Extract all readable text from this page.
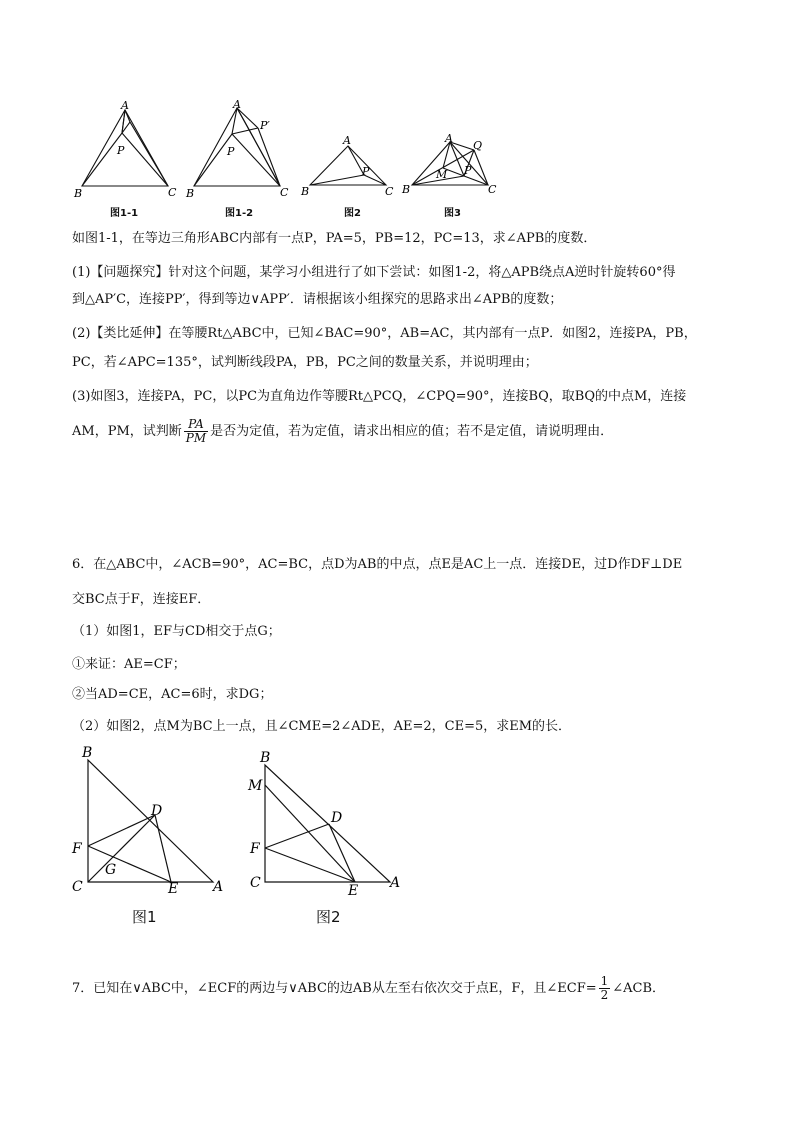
A
P
B	C
A
P′
P
B	C
A
P
B	C
A
Q
M P
B	C
图1-1	图1-2	图2	图3
如图1-1，在等边三角形ABC内部有一点P，PA=5，PB=12，PC=13，求∠APB的度数．
(1)【问题探究】针对这个问题，某学习小组进行了如下尝试：如图1-2，将△APB绕点A逆时针旋转60°得
到△AP′C，连接PP′，得到等边∨APP′．请根据该小组探究的思路求出∠APB的度数；
(2)【类比延伸】在等腰Rt△ABC中，已知∠BAC=90°，AB=AC，其内部有一点P．如图2，连接PA，PB，
PC，若∠APC=135°，试判断线段PA，PB，PC之间的数量关系，并说明理由；
(3)如图3，连接PA，PC，以PC为直角边作等腰Rt△PCQ，∠CPQ=90°，连接BQ，取BQ的中点M，连接
AM，PM，试判断 $\frac{PA}{PM}$ 是否为定值，若为定值，请求出相应的值；若不是定值，请说明理由．
6．在△ABC中，∠ACB=90°，AC=BC，点D为AB的中点，点E是AC上一点．连接DE，过D作DF⊥DE
交BC点于F，连接EF．
（1）如图1，EF与CD相交于点G；
①来证：AE=CF；
②当AD=CE，AC=6时，求DG；
（2）如图2，点M为BC上一点，且∠CME=2∠ADE，AE=2，CE=5，求EM的长．
B
D
F
G
C	E A
B
M
D
F
C	E A
图1	图2
7．已知在∨ABC中，∠ECF的两边与∨ABC的边AB从左至右依次交于点E，F，且∠ECF= $\frac{1}{2}$ ∠ACB．
